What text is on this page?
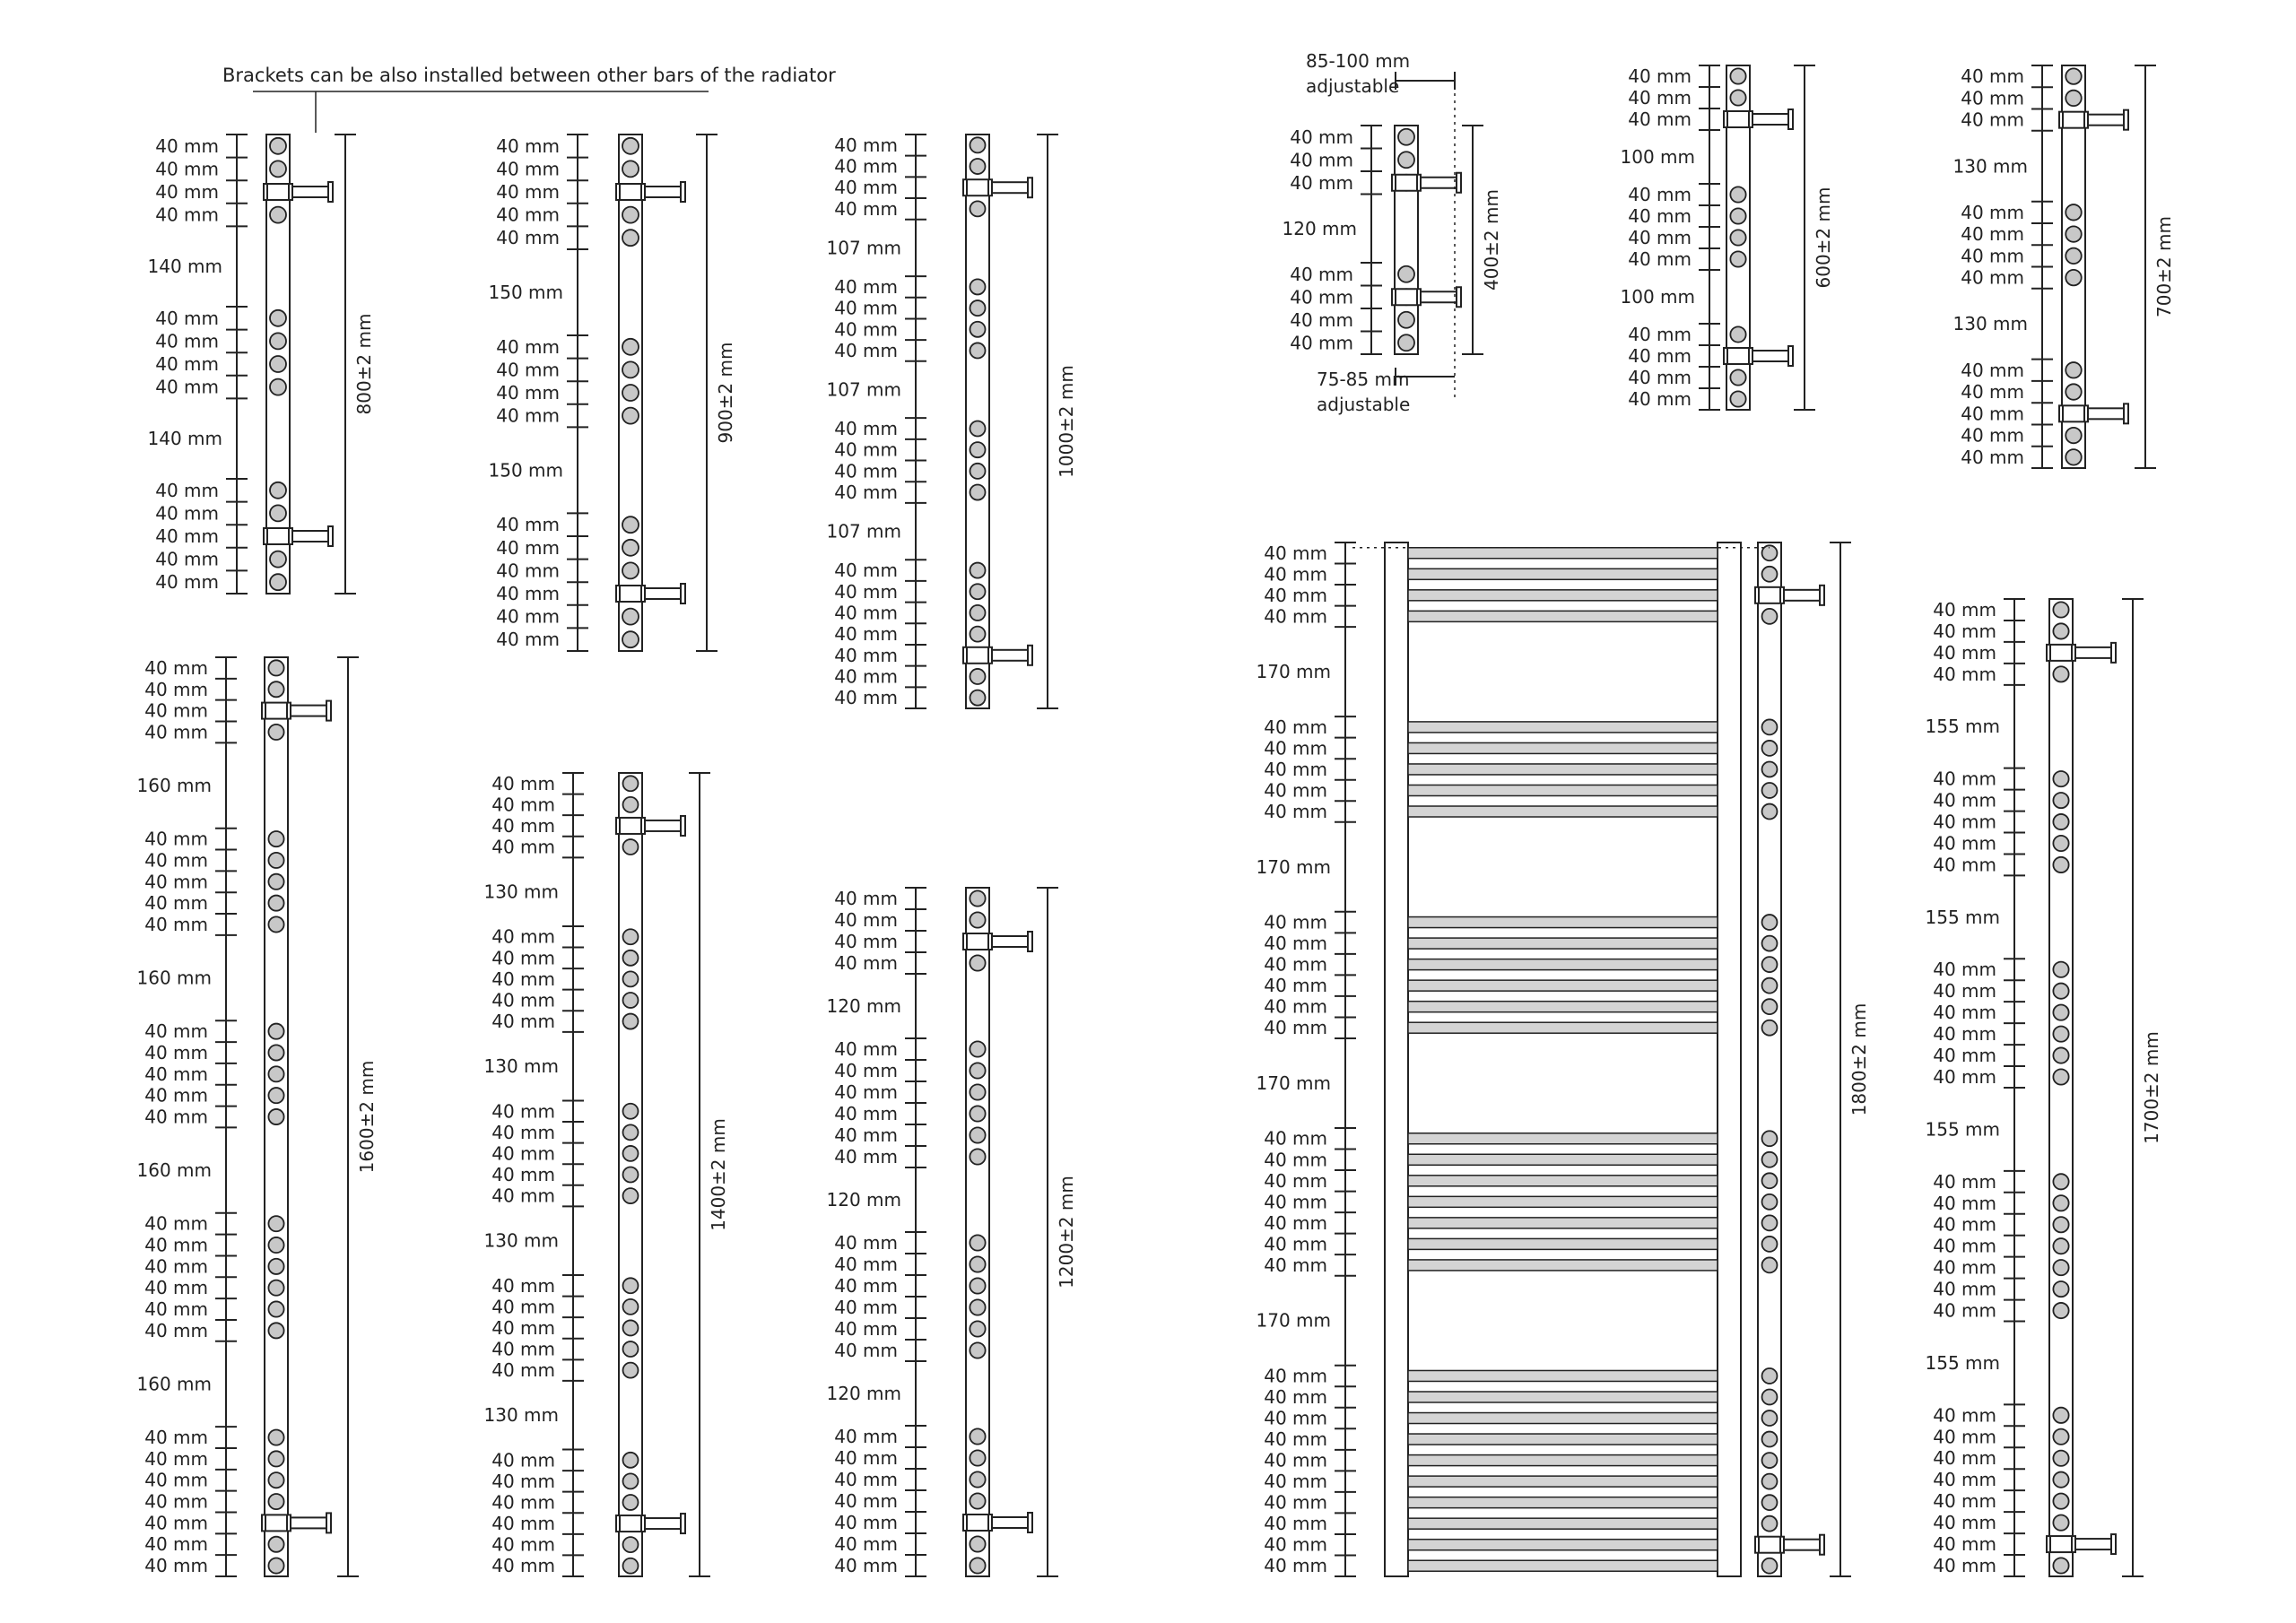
Brackets can be also installed between other bars of the radiator
85-100 mm
adjustable
75-85 mm
adjustable
40 mm
40 mm
40 mm
40 mm
140 mm
40 mm
40 mm
40 mm
40 mm
140 mm
40 mm
40 mm
40 mm
40 mm
40 mm
800±2 mm
40 mm
40 mm
40 mm
40 mm
40 mm
150 mm
40 mm
40 mm
40 mm
40 mm
150 mm
40 mm
40 mm
40 mm
40 mm
40 mm
40 mm
900±2 mm
40 mm
40 mm
40 mm
40 mm
107 mm
40 mm
40 mm
40 mm
40 mm
107 mm
40 mm
40 mm
40 mm
40 mm
107 mm
40 mm
40 mm
40 mm
40 mm
40 mm
40 mm
40 mm
1000±2 mm
40 mm
40 mm
40 mm
120 mm
40 mm
40 mm
40 mm
40 mm
400±2 mm
40 mm
40 mm
40 mm
100 mm
40 mm
40 mm
40 mm
40 mm
100 mm
40 mm
40 mm
40 mm
40 mm
600±2 mm
40 mm
40 mm
40 mm
130 mm
40 mm
40 mm
40 mm
40 mm
130 mm
40 mm
40 mm
40 mm
40 mm
40 mm
700±2 mm
40 mm
40 mm
40 mm
40 mm
160 mm
40 mm
40 mm
40 mm
40 mm
40 mm
160 mm
40 mm
40 mm
40 mm
40 mm
40 mm
160 mm
40 mm
40 mm
40 mm
40 mm
40 mm
40 mm
160 mm
40 mm
40 mm
40 mm
40 mm
40 mm
40 mm
40 mm
1600±2 mm
40 mm
40 mm
40 mm
40 mm
130 mm
40 mm
40 mm
40 mm
40 mm
40 mm
130 mm
40 mm
40 mm
40 mm
40 mm
40 mm
130 mm
40 mm
40 mm
40 mm
40 mm
40 mm
130 mm
40 mm
40 mm
40 mm
40 mm
40 mm
40 mm
1400±2 mm
40 mm
40 mm
40 mm
40 mm
120 mm
40 mm
40 mm
40 mm
40 mm
40 mm
40 mm
120 mm
40 mm
40 mm
40 mm
40 mm
40 mm
40 mm
120 mm
40 mm
40 mm
40 mm
40 mm
40 mm
40 mm
40 mm
1200±2 mm
40 mm
40 mm
40 mm
40 mm
170 mm
40 mm
40 mm
40 mm
40 mm
40 mm
170 mm
40 mm
40 mm
40 mm
40 mm
40 mm
40 mm
170 mm
40 mm
40 mm
40 mm
40 mm
40 mm
40 mm
40 mm
170 mm
40 mm
40 mm
40 mm
40 mm
40 mm
40 mm
40 mm
40 mm
40 mm
40 mm
1800±2 mm
40 mm
40 mm
40 mm
40 mm
155 mm
40 mm
40 mm
40 mm
40 mm
40 mm
155 mm
40 mm
40 mm
40 mm
40 mm
40 mm
40 mm
155 mm
40 mm
40 mm
40 mm
40 mm
40 mm
40 mm
40 mm
155 mm
40 mm
40 mm
40 mm
40 mm
40 mm
40 mm
40 mm
40 mm
1700±2 mm
